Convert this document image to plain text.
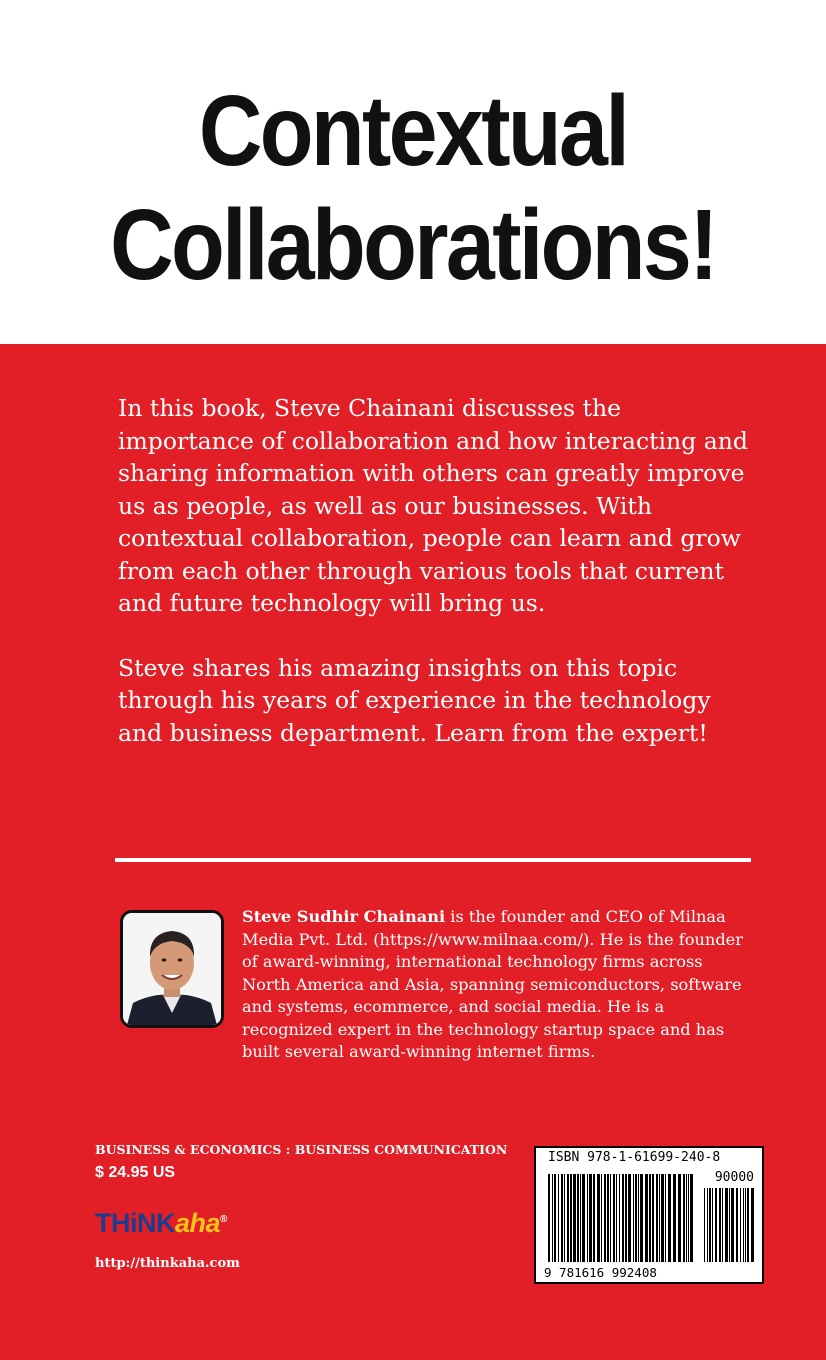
Contextual
Collaborations!

In this book, Steve Chainani discusses the importance of collaboration and how interacting and sharing information with others can greatly improve us as people, as well as our businesses. With contextual collaboration, people can learn and grow from each other through various tools that current and future technology will bring us.

Steve shares his amazing insights on this topic through his years of experience in the technology and business department. Learn from the expert!

Steve Sudhir Chainani is the founder and CEO of Milnaa Media Pvt. Ltd. (https://www.milnaa.com/). He is the founder of award-winning, international technology firms across North America and Asia, spanning semiconductors, software and systems, ecommerce, and social media. He is a recognized expert in the technology startup space and has built several award-winning internet firms.
BUSINESS & ECONOMICS : BUSINESS COMMUNICATION
$ 24.95 US
THiNKaha®
http://thinkaha.com
ISBN 978-1-61699-240-8
90000
9 781616 992408
